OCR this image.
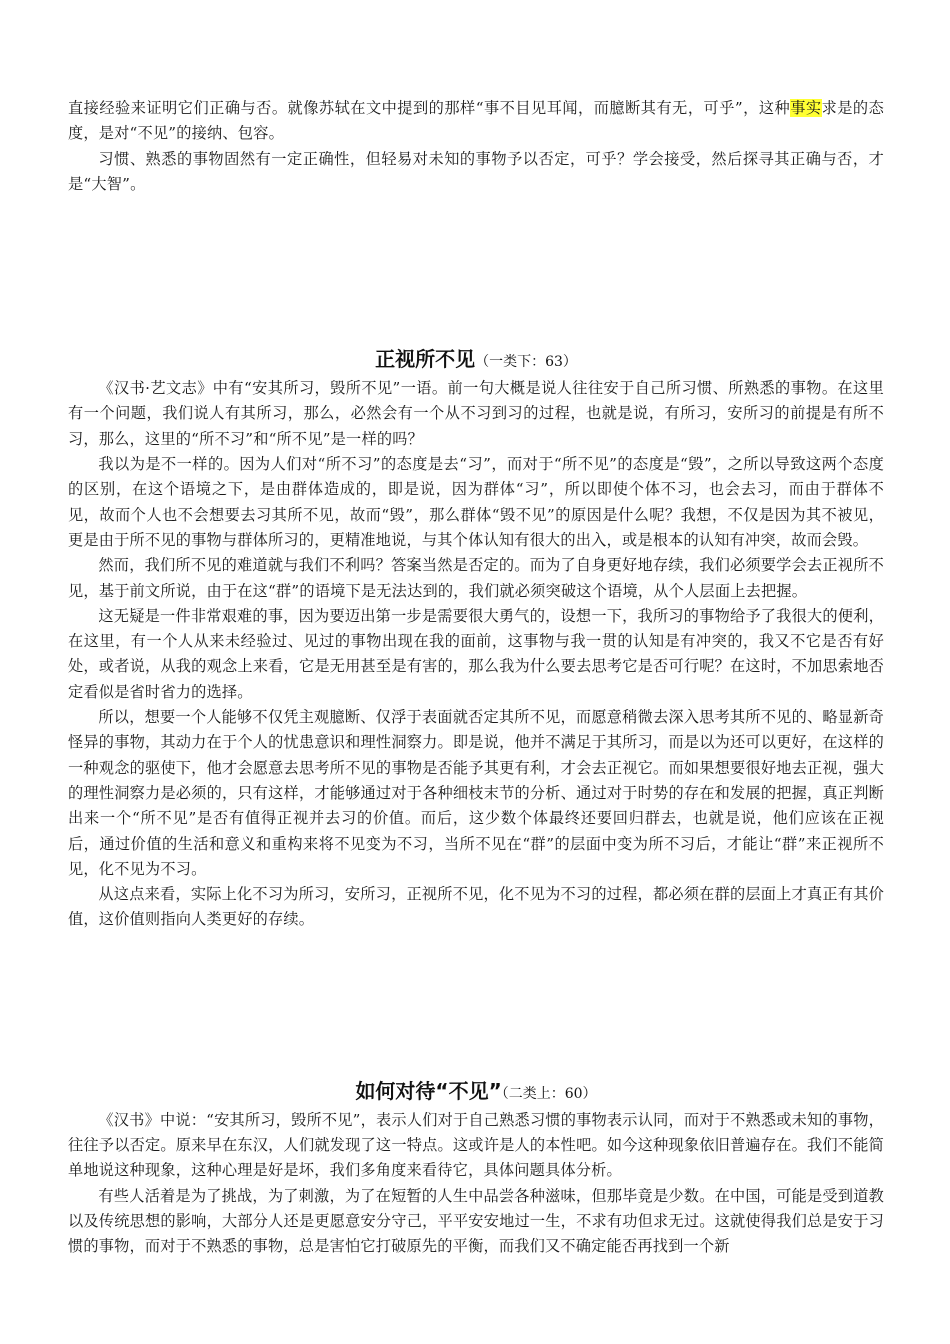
直接经验来证明它们正确与否。就像苏轼在文中提到的那样“事不目见耳闻，而臆断其有无，可乎”，这种事实求是的态度，是对“不见”的接纳、包容。

习惯、熟悉的事物固然有一定正确性，但轻易对未知的事物予以否定，可乎？学会接受，然后探寻其正确与否，才是“大智”。

正视所不见（一类下：63）

《汉书·艺文志》中有“安其所习，毁所不见”一语。前一句大概是说人往往安于自己所习惯、所熟悉的事物。在这里有一个问题，我们说人有其所习，那么，必然会有一个从不习到习的过程，也就是说，有所习，安所习的前提是有所不习，那么，这里的“所不习”和“所不见”是一样的吗？

我以为是不一样的。因为人们对“所不习”的态度是去“习”，而对于“所不见”的态度是“毁”，之所以导致这两个态度的区别，在这个语境之下，是由群体造成的，即是说，因为群体“习”，所以即使个体不习，也会去习，而由于群体不见，故而个人也不会想要去习其所不见，故而“毁”，那么群体“毁不见”的原因是什么呢？我想，不仅是因为其不被见，更是由于所不见的事物与群体所习的，更精准地说，与其个体认知有很大的出入，或是根本的认知有冲突，故而会毁。

然而，我们所不见的难道就与我们不利吗？答案当然是否定的。而为了自身更好地存续，我们必须要学会去正视所不见，基于前文所说，由于在这“群”的语境下是无法达到的，我们就必须突破这个语境，从个人层面上去把握。

这无疑是一件非常艰难的事，因为要迈出第一步是需要很大勇气的，设想一下，我所习的事物给予了我很大的便利，在这里，有一个人从来未经验过、见过的事物出现在我的面前，这事物与我一贯的认知是有冲突的，我又不它是否有好处，或者说，从我的观念上来看，它是无用甚至是有害的，那么我为什么要去思考它是否可行呢？在这时，不加思索地否定看似是省时省力的选择。

所以，想要一个人能够不仅凭主观臆断、仅浮于表面就否定其所不见，而愿意稍微去深入思考其所不见的、略显新奇怪异的事物，其动力在于个人的忧患意识和理性洞察力。即是说，他并不满足于其所习，而是以为还可以更好，在这样的一种观念的驱使下，他才会愿意去思考所不见的事物是否能予其更有利，才会去正视它。而如果想要很好地去正视，强大的理性洞察力是必须的，只有这样，才能够通过对于各种细枝末节的分析、通过对于时势的存在和发展的把握，真正判断出来一个“所不见”是否有值得正视并去习的价值。而后，这少数个体最终还要回归群去，也就是说，他们应该在正视后，通过价值的生活和意义和重构来将不见变为不习，当所不见在“群”的层面中变为所不习后，才能让“群”来正视所不见，化不见为不习。

从这点来看，实际上化不习为所习，安所习，正视所不见，化不见为不习的过程，都必须在群的层面上才真正有其价值，这价值则指向人类更好的存续。

如何对待“不见”（二类上：60）

《汉书》中说：“安其所习，毁所不见”，表示人们对于自己熟悉习惯的事物表示认同，而对于不熟悉或未知的事物，往往予以否定。原来早在东汉，人们就发现了这一特点。这或许是人的本性吧。如今这种现象依旧普遍存在。我们不能简单地说这种现象，这种心理是好是坏，我们多角度来看待它，具体问题具体分析。

有些人活着是为了挑战，为了刺激，为了在短暂的人生中品尝各种滋味，但那毕竟是少数。在中国，可能是受到道教以及传统思想的影响，大部分人还是更愿意安分守己，平平安安地过一生，不求有功但求无过。这就使得我们总是安于习惯的事物，而对于不熟悉的事物，总是害怕它打破原先的平衡，而我们又不确定能否再找到一个新
